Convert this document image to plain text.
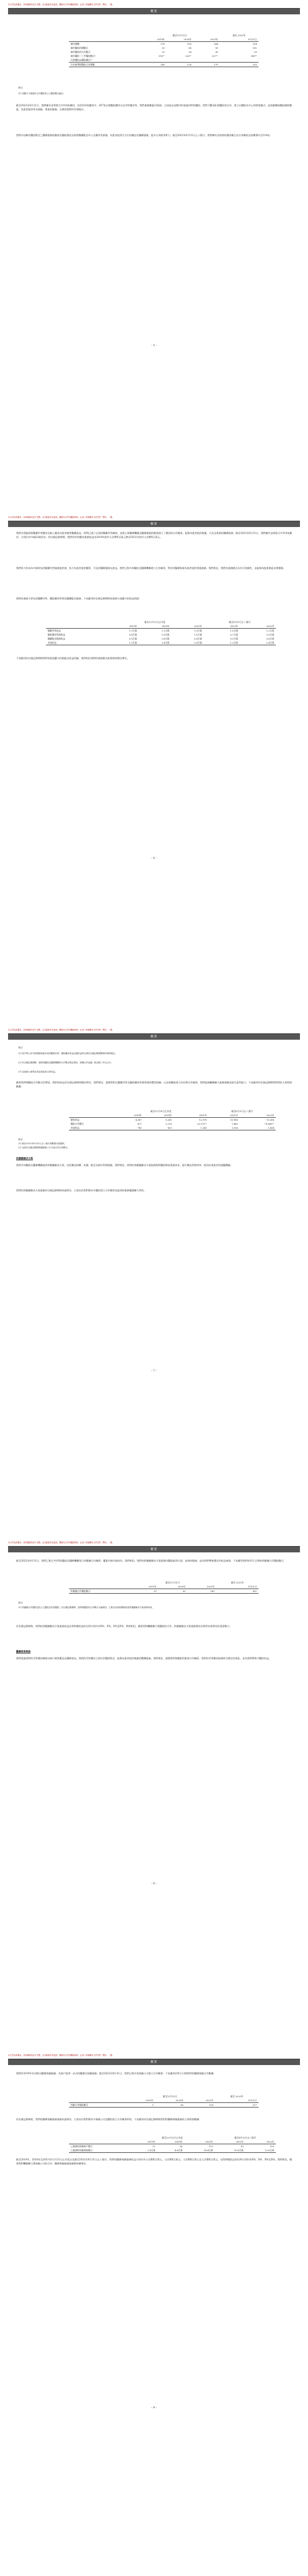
本文件為草擬本，其所載資料並不完整，且可能會作出更改。閱讀本文件有關資料時，必須一併細閱本文件首頁「警告」一節。
概要
	截至12月31日			截至 2022年
	2019年	2020年	2021年	8月31日
擁有總數	176	199	264	314
擁有醫院的總數目	59	68	99	101
擁有醫院的自有數目	23	24	30	30
擁有醫院（三甲醫院數目）	195⁽¹⁾	228⁽¹⁾	327⁽¹⁾	389⁽¹⁾
民營醫院AI醫院數目⁽²⁾				
年內新增與醫院合作總數	108	128	170	205
附註：
(1) 該數字乃根據有合作醫院的公立醫院數目統計。
截至2022年8月31日，我們擁有並管理合共314家藥房，包括314家藥房中，267家自營醫院藥房以及零售藥房等，我們業務覆蓋22個省、自治區及直轄市的超過100家醫院。我們不斷深化與醫院的合作，建立以醫院為中心的經營模式，並持續擴展醫院網絡覆蓋，為患者提供更為便捷、專業的服務，以鞏固我們的市場地位。
我們亦因擁有醫院附近之醫療服務供應商及醫院開設及經營醫藥配送中心及藥房等業務，為患者提供全方位的藥品及醫療服務，提升自身競爭實力。截至2022年8月31日止八個月，我們擁有及經營的藥房數目由自身擴張及收購增長至314家。
– 5 –
本文件為草擬本，其所載資料並不完整，且可能會作出更改。閱讀本文件有關資料時，必須一併細閱本文件首頁「警告」一節。
概要
我們亦透過經營醫藥零售藥房及線上藥房向患者銷售醫藥產品。我們已建立全面的醫藥零售網絡，並與主要醫療機構及醫療服務供應商建立了穩固的合作關係，能夠為患者提供便捷、可及及專業的醫療服務。截至2022年8月31日，我們擁有並經營合共314家藥房，分別位於中國22個省份。於往績記錄期間，我們的零售藥房業務收益由2019年的約人民幣X百萬元增至2021年的約人民幣X百萬元。
我們致力於成為中國領先的醫藥零售服務提供商，致力為患者提供優質、可及的醫療服務及產品。我們已與多家醫院及醫療機構建立合作關係，利用其醫療資源為患者提供專業服務。我們相信，我們的業務模式具有可持續性，並能夠為股東創造長期價值。
我們的業務主要包括醫藥零售、醫院藥房管理及醫藥配送服務。下表載列於往績記錄期間按業務分部劃分的收益明細：
	截至12月31日止年度			截至8月31日止八個月	
	2019年	2020年	2021年	2021年	2022年
醫藥零售收益	1.1百萬	1.2百萬	1.5百萬	1.0百萬	1.2百萬
醫院藥房管理收益	0.8百萬	0.9百萬	1.1百萬	0.7百萬	0.9百萬
醫藥配送服務收益	0.5百萬	0.6百萬	0.8百萬	0.5百萬	0.6百萬
其他收益	1.3百萬	1.4百萬	1.6百萬	1.2百萬	1.4百萬
下表載列於往績記錄期間我們按渠道劃分的銷量及收益明細，我們相信我們的業務模式能夠保持穩定增長。
– 6 –
本文件為草擬本，其所載資料並不完整，且可能會作出更改。閱讀本文件有關資料時，必須一併細閱本文件首頁「警告」一節。
概要
附註：
(1) 按中華人民共和國國家統計局的數據計算，醫院藥房收益佔總收益的比例於往績記錄期間保持相對穩定。
(2) 於往績記錄期間，我們與醫院及醫療機構的合作數目穩定增長，相關合作協議一般為期三年至五年。
(3) 包括線上銷售及其他渠道產生的收益。
隨著我們與醫院合作數目的增加，我們的收益於往績記錄期間穩步增長。我們相信，憑藉我們在醫藥零售及醫院藥房管理領域的豐富經驗，以及與醫院建立的長期合作關係，我們能夠繼續擴大業務規模並提升盈利能力。下表載列於往績記錄期間我們的主要經營數據：
	截至12月31日止年度			截至8月31日止八個月	
	2019年	2020年	2021年	2021年	2022年
藥房收益	8,367	9,241	12,976	10,968	15,566
醫院合作數目	477	2,276	25,375⁽²⁾	7,465	70,669⁽²⁾
其他收益	780	803	1,280	1,016	1,064
附註：
(1) 截至2022年8月31日止八個月的數據未經審核。
(2) 包括於往績記錄期間通過線上平台產生的交易數目。
供應鏈解決方案
我們亦向醫院及醫療機構提供供應鏈解決方案，包括藥品採購、倉儲、配送及庫存管理服務。我們相信，我們的供應鏈解決方案能夠幫助醫院降低營運成本，提升藥品管理效率，從而改善患者的就醫體驗。
我們的供應鏈解決方案業務於往績記錄期間快速增長，主要由於我們與更多醫院建立合作關係及提供的服務範圍擴大所致。
– 7 –
本文件為草擬本，其所載資料並不完整，且可能會作出更改。閱讀本文件有關資料時，必須一併細閱本文件首頁「警告」一節。
概要
截至2022年8月31日，我們已與合共約X家醫院及醫療機構建立供應鏈合作關係，覆蓋中國多個省份。我們相信，我們的供應鏈解決方案能夠為醫院提供全面、高效的服務，並為我們帶來穩定的收益來源。下表載列我們於所示日期的供應鏈合作醫院數目：
	截至12月31日			截至 2022年
	2019年	2020年	2021年	8月31日
供應鏈合作醫院數目	13	30	361	421
附註：
(1) 供應鏈合作醫院包括公立醫院及民營醫院。於往績記錄期間，我們與醫院的合作數目大幅增加，主要由於我們積極拓展供應鏈解決方案業務所致。
於往績記錄期間，我們的供應鏈解決方案業務收益佔我們總收益的比例分別約為X%、X%、X%及X%。我們相信，隨著我們繼續擴大與醫院的合作，供應鏈解決方案業務將成為我們未來增長的重要動力。
醫藥零售業務
我們透過我們的零售藥房網絡向客戶銷售藥品及醫療產品。我們的零售藥房主要位於醫院附近，能夠為患者提供便捷的購藥服務。我們相信，憑藉我們與醫院的緊密合作關係，我們的零售藥房能夠吸引穩定的客流，並為我們帶來可觀的收益。
– 8 –
本文件為草擬本，其所載資料並不完整，且可能會作出更改。閱讀本文件有關資料時，必須一併細閱本文件首頁「警告」一節。
概要
我們於2019年年初推出醫療保險服務，為客戶提供一站式的醫療及保險服務。截至2022年8月31日，我們已與多家保險公司建立合作關係。下表載列於所示日期我們的醫療保險合作數據：
	截至12月31日			截至 2022年
	2019年	2020年	2021年	8月31日
保險合作醫院數目	3	56	159	217
於往績記錄期間，我們的醫療保險服務業務快速增長，主要由於我們與更多保險公司及醫院建立合作關係所致。下表載列於往績記錄期間我們的醫療保險服務的主要經營數據：
	截至12月31日止年度			截至8月31日止八個月	
	2019年	2020年	2021年	2021年	2022年
已服務的保險客戶數目	12	56	113	95	159
已處理的保險理賠數目	2.4百萬	4.6百萬	14.4百萬	10.8百萬	12.6百萬
截至2019年、2020年及2021年12月31日止年度以及截至2022年8月31日止八個月，我們的醫療保險服務收益分別約為人民幣X百萬元、人民幣X百萬元、人民幣X百萬元及人民幣X百萬元，佔我們總收益的比例分別約為X%、X%、X%及X%。我們相信，隨著我們繼續擴大與保險公司的合作，醫療保險服務業務將持續增長。
– 9 –
